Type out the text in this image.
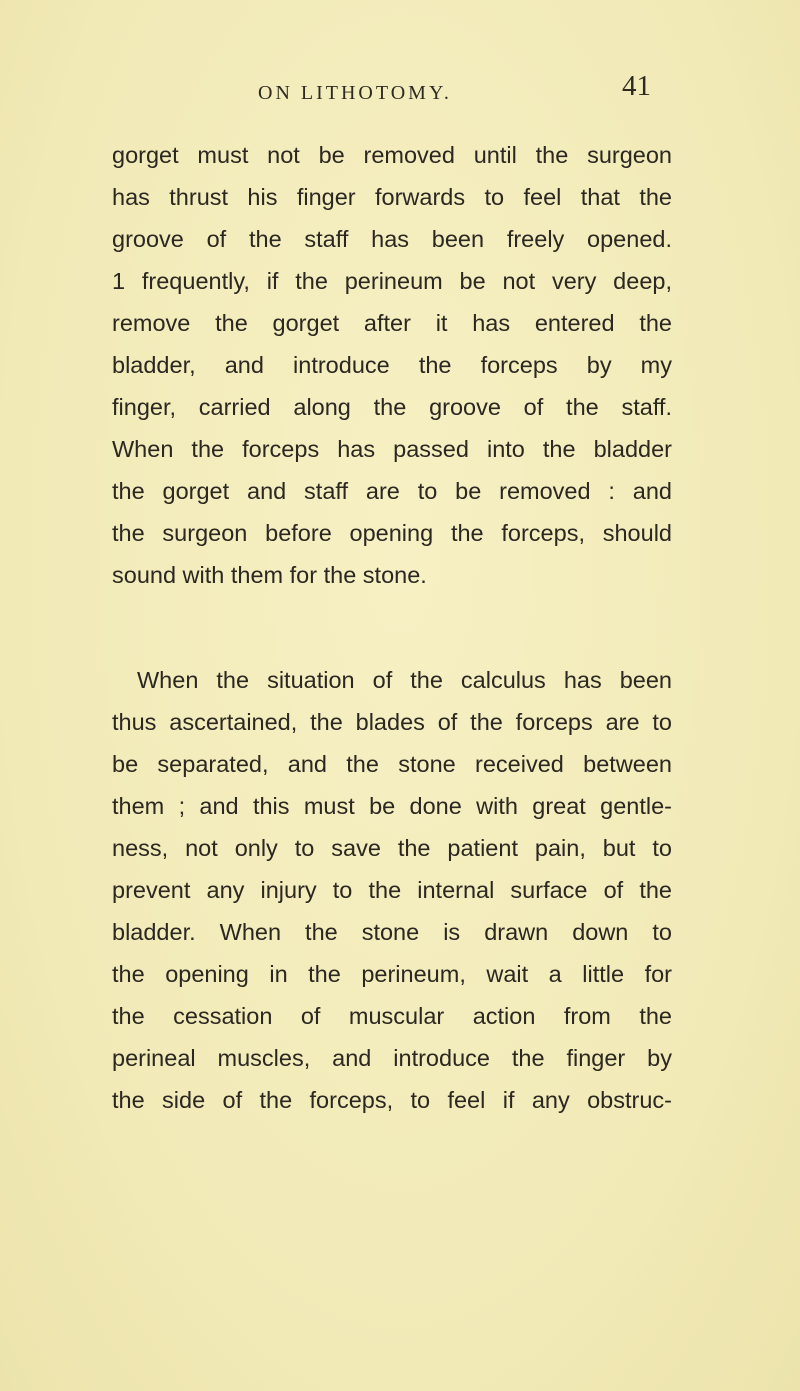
ON LITHOTOMY.	41
gorget must not be removed until the surgeon
has thrust his finger forwards to feel that the
groove of the staff has been freely opened.
1 frequently, if the perineum be not very deep,
remove the gorget after it has entered the
bladder, and introduce the forceps by my
finger, carried along the groove of the staff.
When the forceps has passed into the bladder
the gorget and staff are to be removed : and
the surgeon before opening the forceps, should
sound with them for the stone.
When the situation of the calculus has been
thus ascertained, the blades of the forceps are to
be separated, and the stone received between
them ; and this must be done with great gentle-
ness, not only to save the patient pain, but to
prevent any injury to the internal surface of the
bladder. When the stone is drawn down to
the opening in the perineum, wait a little for
the cessation of muscular action from the
perineal muscles, and introduce the finger by
the side of the forceps, to feel if any obstruc-
